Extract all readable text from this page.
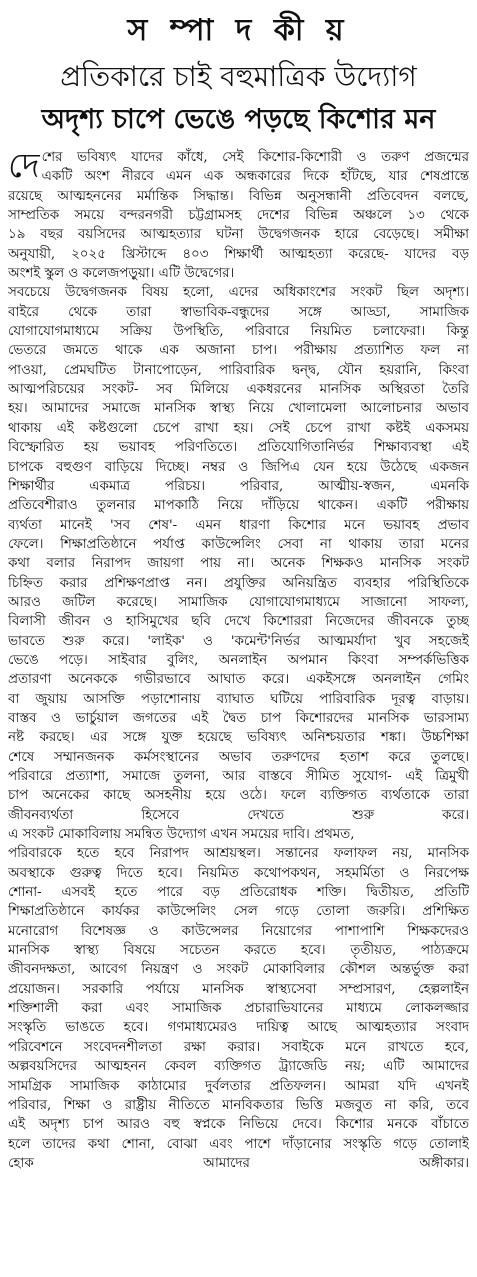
স ম্পা দ কী য়
প্রতিকারে চাই বহুমাত্রিক উদ্যোগ
অদৃশ্য চাপে ভেঙে পড়ছে কিশোর মন
দে শের ভবিষ্যৎ যাদের কাঁধে, সেই কিশোর-কিশোরী ও তরুণ প্রজন্মের
একটি অংশ নীরবে এমন এক অন্ধকারের দিকে হাঁটছে, যার শেষপ্রান্তে
রয়েছে আত্মহননের মর্মান্তিক সিদ্ধান্ত। বিভিন্ন অনুসন্ধানী প্রতিবেদন বলছে,
সাম্প্রতিক সময়ে বন্দরনগরী চট্টগ্রামসহ দেশের বিভিন্ন অঞ্চলে ১৩ থেকে
১৯ বছর বয়সিদের আত্মহত্যার ঘটনা উদ্বেগজনক হারে বেড়েছে। সমীক্ষা
অনুযায়ী, ২০২৫ খ্রিস্টাব্দে ৪০৩ শিক্ষার্থী আত্মহত্যা করেছে- যাদের বড়
অংশই স্কুল ও কলেজপড়ুয়া। এটি উদ্বেগের।
সবচেয়ে উদ্বেগজনক বিষয় হলো, এদের অধিকাংশের সংকট ছিল অদৃশ্য।
বাইরে থেকে তারা স্বাভাবিক-বন্ধুদের সঙ্গে আড্ডা, সামাজিক
যোগাযোগমাধ্যমে সক্রিয় উপস্থিতি, পরিবারে নিয়মিত চলাফেরা। কিন্তু
ভেতরে জমতে থাকে এক অজানা চাপ। পরীক্ষায় প্রত্যাশিত ফল না
পাওয়া, প্রেমঘটিত টানাপোড়েন, পারিবারিক দ্বন্দ্ব, যৌন হয়রানি, কিংবা
আত্মপরিচয়ের সংকট- সব মিলিয়ে একধরনের মানসিক অস্থিরতা তৈরি
হয়। আমাদের সমাজে মানসিক স্বাস্থ্য নিয়ে খোলামেলা আলোচনার অভাব
থাকায় এই কষ্টগুলো চেপে রাখা হয়। সেই চেপে রাখা কষ্টই একসময়
বিস্ফোরিত হয় ভয়াবহ পরিণতিতে। প্রতিযোগিতানির্ভর শিক্ষাব্যবস্থা এই
চাপকে বহুগুণ বাড়িয়ে দিচ্ছে। নম্বর ও জিপিএ যেন হয়ে উঠেছে একজন
শিক্ষার্থীর একমাত্র পরিচয়। পরিবার, আত্মীয়-স্বজন, এমনকি
প্রতিবেশীরাও তুলনার মাপকাঠি নিয়ে দাঁড়িয়ে থাকেন। একটি পরীক্ষায়
ব্যর্থতা মানেই 'সব শেষ'- এমন ধারণা কিশোর মনে ভয়াবহ প্রভাব
ফেলে। শিক্ষাপ্রতিষ্ঠানে পর্যাপ্ত কাউন্সেলিং সেবা না থাকায় তারা মনের
কথা বলার নিরাপদ জায়গা পায় না। অনেক শিক্ষকও মানসিক সংকট
চিহ্নিত করার প্রশিক্ষণপ্রাপ্ত নন। প্রযুক্তির অনিয়ন্ত্রিত ব্যবহার পরিস্থিতিকে
আরও জটিল করেছে। সামাজিক যোগাযোগমাধ্যমে সাজানো সাফল্য,
বিলাসী জীবন ও হাসিমুখের ছবি দেখে কিশোররা নিজেদের জীবনকে তুচ্ছ
ভাবতে শুরু করে। 'লাইক' ও 'কমেন্ট'নির্ভর আত্মমর্যাদা খুব সহজেই
ভেঙে পড়ে। সাইবার বুলিং, অনলাইন অপমান কিংবা সম্পর্কভিত্তিক
প্রতারণা অনেককে গভীরভাবে আঘাত করে। একইসঙ্গে অনলাইন গেমিং
বা জুয়ায় আসক্তি পড়াশোনায় ব্যাঘাত ঘটিয়ে পারিবারিক দূরত্ব বাড়ায়।
বাস্তব ও ভার্চুয়াল জগতের এই দ্বৈত চাপ কিশোরদের মানসিক ভারসাম্য
নষ্ট করছে। এর সঙ্গে যুক্ত হয়েছে ভবিষ্যৎ অনিশ্চয়তার শঙ্কা। উচ্চশিক্ষা
শেষে সম্মানজনক কর্মসংস্থানের অভাব তরুণদের হতাশ করে তুলছে।
পরিবারে প্রত্যাশা, সমাজে তুলনা, আর বাস্তবে সীমিত সুযোগ- এই ত্রিমুখী
চাপ অনেকের কাছে অসহনীয় হয়ে ওঠে। ফলে ব্যক্তিগত ব্যর্থতাকে তারা
জীবনব্যর্থতা হিসেবে দেখতে শুরু করে।
এ সংকট মোকাবিলায় সমন্বিত উদ্যোগ এখন সময়ের দাবি। প্রথমত,
পরিবারকে হতে হবে নিরাপদ আশ্রয়স্থল। সন্তানের ফলাফল নয়, মানসিক
অবস্থাকে গুরুত্ব দিতে হবে। নিয়মিত কথোপকথন, সহমর্মিতা ও নিরপেক্ষ
শোনা- এসবই হতে পারে বড় প্রতিরোধক শক্তি। দ্বিতীয়ত, প্রতিটি
শিক্ষাপ্রতিষ্ঠানে কার্যকর কাউন্সেলিং সেল গড়ে তোলা জরুরি। প্রশিক্ষিত
মনোরোগ বিশেষজ্ঞ ও কাউন্সেলর নিয়োগের পাশাপাশি শিক্ষকদেরও
মানসিক স্বাস্থ্য বিষয়ে সচেতন করতে হবে। তৃতীয়ত, পাঠ্যক্রমে
জীবনদক্ষতা, আবেগ নিয়ন্ত্রণ ও সংকট মোকাবিলার কৌশল অন্তর্ভুক্ত করা
প্রয়োজন। সরকারি পর্যায়ে মানসিক স্বাস্থ্যসেবা সম্প্রসারণ, হেল্পলাইন
শক্তিশালী করা এবং সামাজিক প্রচারাভিযানের মাধ্যমে লোকলজ্জার
সংস্কৃতি ভাঙতে হবে। গণমাধ্যমেরও দায়িত্ব আছে আত্মহত্যার সংবাদ
পরিবেশনে সংবেদনশীলতা রক্ষা করার। সবাইকে মনে রাখতে হবে,
অল্পবয়সিদের আত্মহনন কেবল ব্যক্তিগত ট্র্যাজেডি নয়; এটি আমাদের
সামগ্রিক সামাজিক কাঠামোর দুর্বলতার প্রতিফলন। আমরা যদি এখনই
পরিবার, শিক্ষা ও রাষ্ট্রীয় নীতিতে মানবিকতার ভিত্তি মজবুত না করি, তবে
এই অদৃশ্য চাপ আরও বহু স্বপ্নকে নিভিয়ে দেবে। কিশোর মনকে বাঁচাতে
হলে তাদের কথা শোনা, বোঝা এবং পাশে দাঁড়ানোর সংস্কৃতি গড়ে তোলাই
হোক আমাদের অঙ্গীকার।
